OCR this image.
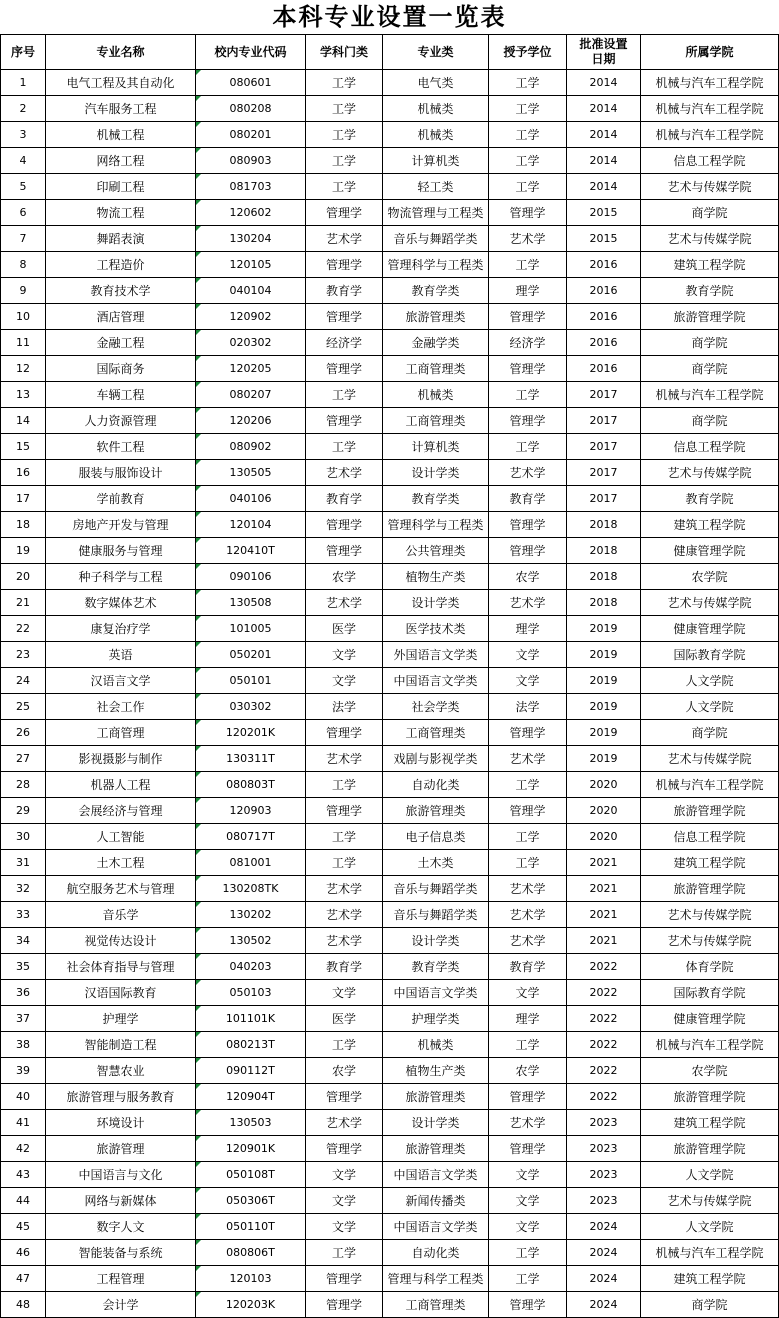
本科专业设置一览表
序号	专业名称	校内专业代码	学科门类	专业类	授予学位	批准设置日期	所属学院
1	电气工程及其自动化	080601	工学	电气类	工学	2014	机械与汽车工程学院
2	汽车服务工程	080208	工学	机械类	工学	2014	机械与汽车工程学院
3	机械工程	080201	工学	机械类	工学	2014	机械与汽车工程学院
4	网络工程	080903	工学	计算机类	工学	2014	信息工程学院
5	印刷工程	081703	工学	轻工类	工学	2014	艺术与传媒学院
6	物流工程	120602	管理学	物流管理与工程类	管理学	2015	商学院
7	舞蹈表演	130204	艺术学	音乐与舞蹈学类	艺术学	2015	艺术与传媒学院
8	工程造价	120105	管理学	管理科学与工程类	工学	2016	建筑工程学院
9	教育技术学	040104	教育学	教育学类	理学	2016	教育学院
10	酒店管理	120902	管理学	旅游管理类	管理学	2016	旅游管理学院
11	金融工程	020302	经济学	金融学类	经济学	2016	商学院
12	国际商务	120205	管理学	工商管理类	管理学	2016	商学院
13	车辆工程	080207	工学	机械类	工学	2017	机械与汽车工程学院
14	人力资源管理	120206	管理学	工商管理类	管理学	2017	商学院
15	软件工程	080902	工学	计算机类	工学	2017	信息工程学院
16	服装与服饰设计	130505	艺术学	设计学类	艺术学	2017	艺术与传媒学院
17	学前教育	040106	教育学	教育学类	教育学	2017	教育学院
18	房地产开发与管理	120104	管理学	管理科学与工程类	管理学	2018	建筑工程学院
19	健康服务与管理	120410T	管理学	公共管理类	管理学	2018	健康管理学院
20	种子科学与工程	090106	农学	植物生产类	农学	2018	农学院
21	数字媒体艺术	130508	艺术学	设计学类	艺术学	2018	艺术与传媒学院
22	康复治疗学	101005	医学	医学技术类	理学	2019	健康管理学院
23	英语	050201	文学	外国语言文学类	文学	2019	国际教育学院
24	汉语言文学	050101	文学	中国语言文学类	文学	2019	人文学院
25	社会工作	030302	法学	社会学类	法学	2019	人文学院
26	工商管理	120201K	管理学	工商管理类	管理学	2019	商学院
27	影视摄影与制作	130311T	艺术学	戏剧与影视学类	艺术学	2019	艺术与传媒学院
28	机器人工程	080803T	工学	自动化类	工学	2020	机械与汽车工程学院
29	会展经济与管理	120903	管理学	旅游管理类	管理学	2020	旅游管理学院
30	人工智能	080717T	工学	电子信息类	工学	2020	信息工程学院
31	土木工程	081001	工学	土木类	工学	2021	建筑工程学院
32	航空服务艺术与管理	130208TK	艺术学	音乐与舞蹈学类	艺术学	2021	旅游管理学院
33	音乐学	130202	艺术学	音乐与舞蹈学类	艺术学	2021	艺术与传媒学院
34	视觉传达设计	130502	艺术学	设计学类	艺术学	2021	艺术与传媒学院
35	社会体育指导与管理	040203	教育学	教育学类	教育学	2022	体育学院
36	汉语国际教育	050103	文学	中国语言文学类	文学	2022	国际教育学院
37	护理学	101101K	医学	护理学类	理学	2022	健康管理学院
38	智能制造工程	080213T	工学	机械类	工学	2022	机械与汽车工程学院
39	智慧农业	090112T	农学	植物生产类	农学	2022	农学院
40	旅游管理与服务教育	120904T	管理学	旅游管理类	管理学	2022	旅游管理学院
41	环境设计	130503	艺术学	设计学类	艺术学	2023	建筑工程学院
42	旅游管理	120901K	管理学	旅游管理类	管理学	2023	旅游管理学院
43	中国语言与文化	050108T	文学	中国语言文学类	文学	2023	人文学院
44	网络与新媒体	050306T	文学	新闻传播类	文学	2023	艺术与传媒学院
45	数字人文	050110T	文学	中国语言文学类	文学	2024	人文学院
46	智能装备与系统	080806T	工学	自动化类	工学	2024	机械与汽车工程学院
47	工程管理	120103	管理学	管理与科学工程类	工学	2024	建筑工程学院
48	会计学	120203K	管理学	工商管理类	管理学	2024	商学院
